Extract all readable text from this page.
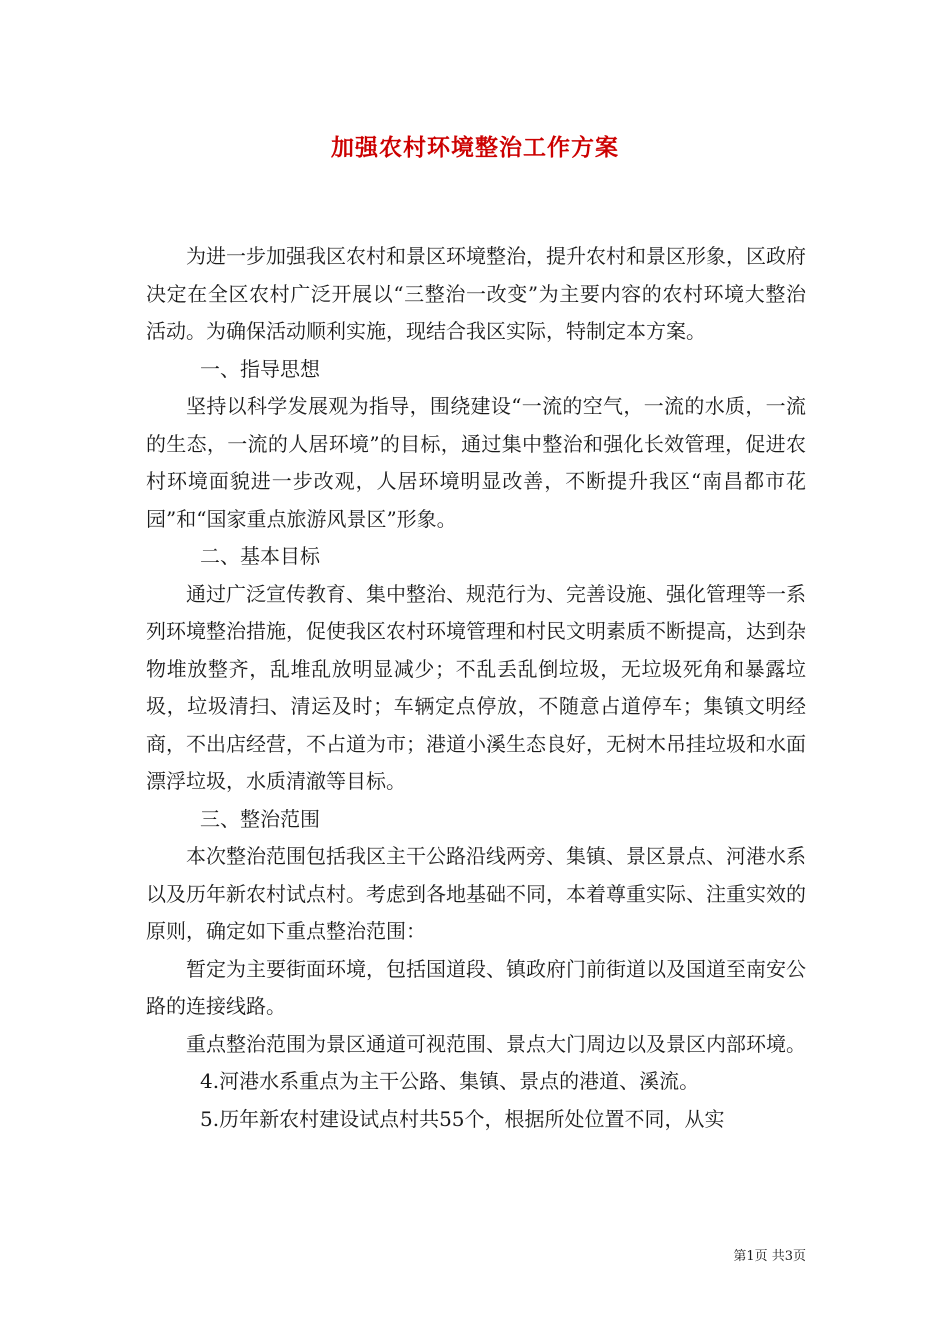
加强农村环境整治工作方案

为进一步加强我区农村和景区环境整治，提升农村和景区形象，区政府决定在全区农村广泛开展以“三整治一改变”为主要内容的农村环境大整治活动。为确保活动顺利实施，现结合我区实际，特制定本方案。

一、指导思想

坚持以科学发展观为指导，围绕建设“一流的空气，一流的水质，一流的生态，一流的人居环境”的目标，通过集中整治和强化长效管理，促进农村环境面貌进一步改观，人居环境明显改善，不断提升我区“南昌都市花园”和“国家重点旅游风景区”形象。

二、基本目标

通过广泛宣传教育、集中整治、规范行为、完善设施、强化管理等一系列环境整治措施，促使我区农村环境管理和村民文明素质不断提高，达到杂物堆放整齐，乱堆乱放明显减少；不乱丢乱倒垃圾，无垃圾死角和暴露垃圾，垃圾清扫、清运及时；车辆定点停放，不随意占道停车；集镇文明经商，不出店经营，不占道为市；港道小溪生态良好，无树木吊挂垃圾和水面漂浮垃圾，水质清澈等目标。

三、整治范围

本次整治范围包括我区主干公路沿线两旁、集镇、景区景点、河港水系以及历年新农村试点村。考虑到各地基础不同，本着尊重实际、注重实效的原则，确定如下重点整治范围：

暂定为主要街面环境，包括国道段、镇政府门前街道以及国道至南安公路的连接线路。

重点整治范围为景区通道可视范围、景点大门周边以及景区内部环境。

4.河港水系重点为主干公路、集镇、景点的港道、溪流。

5.历年新农村建设试点村共55个，根据所处位置不同，从实

第1页 共3页
